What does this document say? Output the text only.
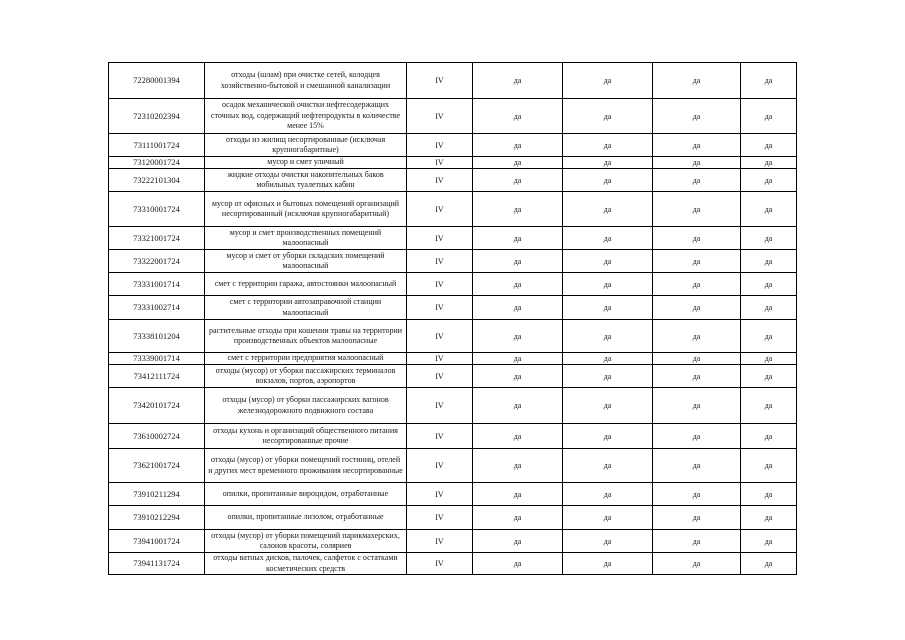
72280001394	отходы (шлам) при очистке сетей, колодцев хозяйственно-бытовой и смешанной канализации	IV	да	да	да	да
72310202394	осадок механической очистки нефтесодержащих сточных вод, содержащий нефтепродукты в количестве менее 15%	IV	да	да	да	да
73111001724	отходы из жилищ несортированные (исключая крупногабаритные)	IV	да	да	да	да
73120001724	мусор и смет уличный	IV	да	да	да	да
73222101304	жидкие отходы очистки накопительных баков мобильных туалетных кабин	IV	да	да	да	да
73310001724	мусор от офисных и бытовых помещений организаций несортированный (исключая крупногабаритный)	IV	да	да	да	да
73321001724	мусор и смет производственных помещений малоопасный	IV	да	да	да	да
73322001724	мусор и смет от уборки складских помещений малоопасный	IV	да	да	да	да
73331001714	смет с территории гаража, автостоянки малоопасный	IV	да	да	да	да
73331002714	смет с территории автозаправочной станции малоопасный	IV	да	да	да	да
73338101204	растительные отходы при кошении травы на территории производственных объектов малоопасные	IV	да	да	да	да
73339001714	смет с территории предприятия малоопасный	IV	да	да	да	да
73412111724	отходы (мусор) от уборки пассажирских терминалов вокзалов, портов, аэропортов	IV	да	да	да	да
73420101724	отходы (мусор) от уборки пассажирских вагонов железнодорожного подвижного состава	IV	да	да	да	да
73610002724	отходы кухонь и организаций общественного питания несортированные прочие	IV	да	да	да	да
73621001724	отходы (мусор) от уборки помещений гостиниц, отелей и других мест временного проживания несортированные	IV	да	да	да	да
73910211294	опилки, пропитанные вироцидом, отработанные	IV	да	да	да	да
73910212294	опилки, пропитанные лизолом, отработанные	IV	да	да	да	да
73941001724	отходы (мусор) от уборки помещений парикмахерских, салонов красоты, соляриев	IV	да	да	да	да
73941131724	отходы ватных дисков, палочек, салфеток с остатками косметических средств	IV	да	да	да	да
